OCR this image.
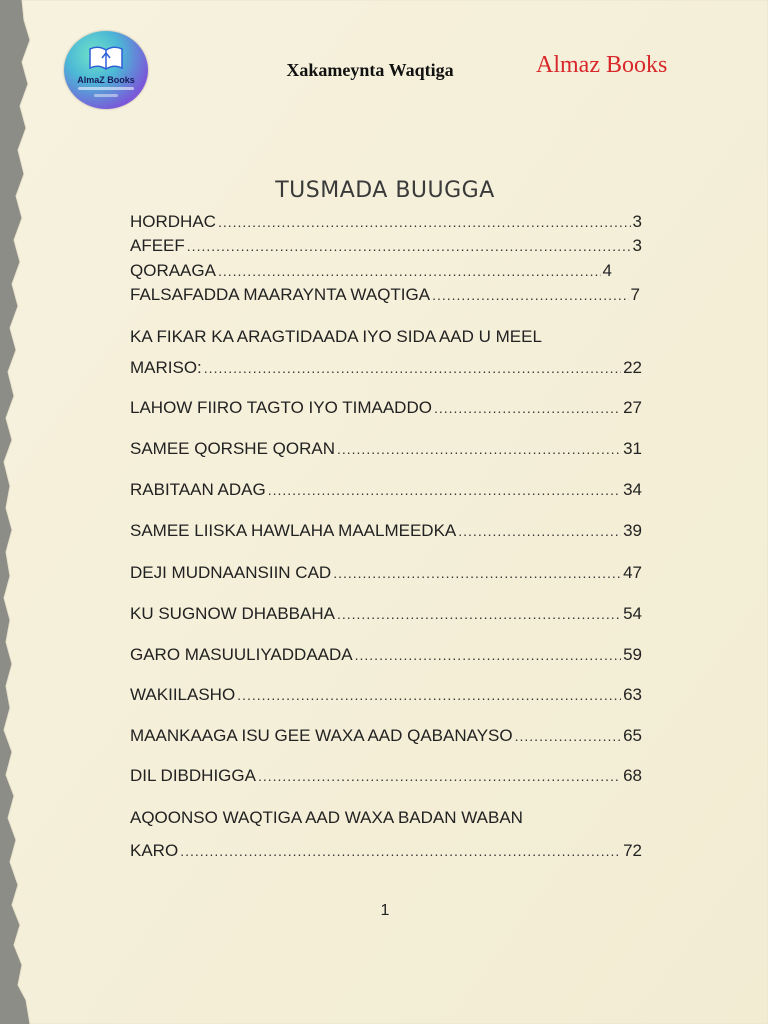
AlmaZ Books	Xakameynta Waqtiga	Almaz Books
TUSMADA BUUGGA
HORDHAC .....	3
AFEEF .....	3
QORAAGA .....	4
FALSAFADDA MAARAYNTA WAQTIGA .....	7
KA FIKAR KA ARAGTIDAADA IYO SIDA AAD U MEEL
MARISO: .....	22
LAHOW FIIRO TAGTO IYO TIMAADDO .....	27
SAMEE QORSHE QORAN .....	31
RABITAAN ADAG .....	34
SAMEE LIISKA HAWLAHA MAALMEEDKA .....	39
DEJI MUDNAANSIIN CAD .....	47
KU SUGNOW DHABBAHA .....	54
GARO MASUULIYADDAADA .....	59
WAKIILASHO .....	63
MAANKAAGA ISU GEE WAXA AAD QABANAYSO .....	65
DIL DIBDHIGGA .....	68
AQOONSO WAQTIGA AAD WAXA BADAN WABAN
KARO .....	72
1
